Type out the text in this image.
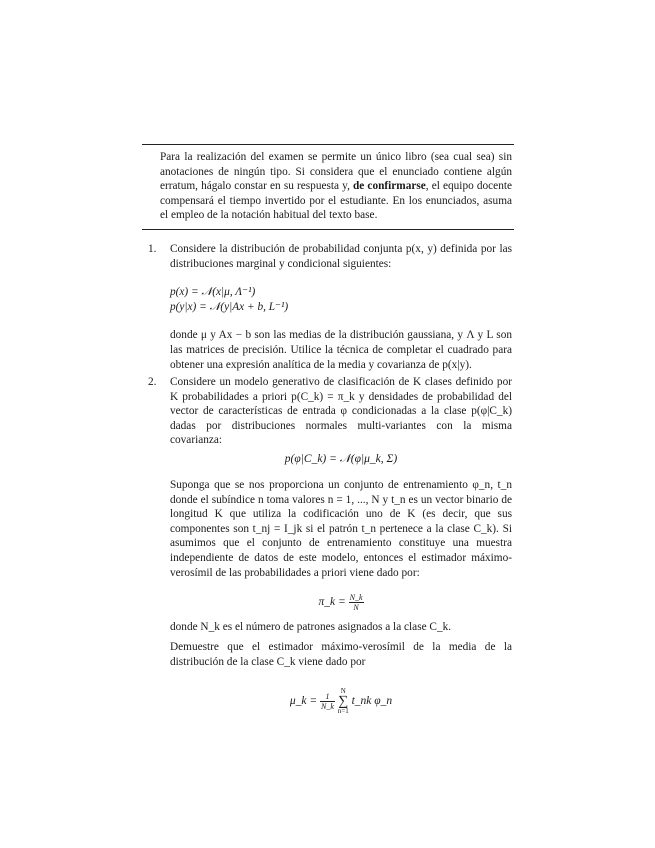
Para la realización del examen se permite un único libro (sea cual sea) sin anotaciones de ningún tipo. Si considera que el enunciado contiene algún erratum, hágalo constar en su respuesta y, de confirmarse, el equipo docente compensará el tiempo invertido por el estudiante. En los enunciados, asuma el empleo de la notación habitual del texto base.
1. Considere la distribución de probabilidad conjunta p(x, y) definida por las distribuciones marginal y condicional siguientes:

p(x) = 𝒩(x|μ, Λ⁻¹)
p(y|x) = 𝒩(y|Ax + b, L⁻¹)

donde μ y Ax − b son las medias de la distribución gaussiana, y Λ y L son las matrices de precisión. Utilice la técnica de completar el cuadrado para obtener una expresión analítica de la media y covarianza de p(x|y).

2. Considere un modelo generativo de clasificación de K clases definido por K probabilidades a priori p(C_k) = π_k y densidades de probabilidad del vector de características de entrada φ condicionadas a la clase p(φ|C_k) dadas por distribuciones normales multi-variantes con la misma covarianza:

p(φ|C_k) = 𝒩(φ|μ_k, Σ)

Suponga que se nos proporciona un conjunto de entrenamiento φ_n, t_n donde el subíndice n toma valores n = 1, ..., N y t_n es un vector binario de longitud K que utiliza la codificación uno de K (es decir, que sus componentes son t_nj = I_jk si el patrón t_n pertenece a la clase C_k). Si asumimos que el conjunto de entrenamiento constituye una muestra independiente de datos de este modelo, entonces el estimador máximo-verosímil de las probabilidades a priori viene dado por:

π_k = $\frac{N\_k}{N}$

donde N_k es el número de patrones asignados a la clase C_k.

Demuestre que el estimador máximo-verosímil de la media de la distribución de la clase C_k viene dado por

μ_k = $\frac{1}{N\_k}$
N
∑
n=1 t_nk φ_n
